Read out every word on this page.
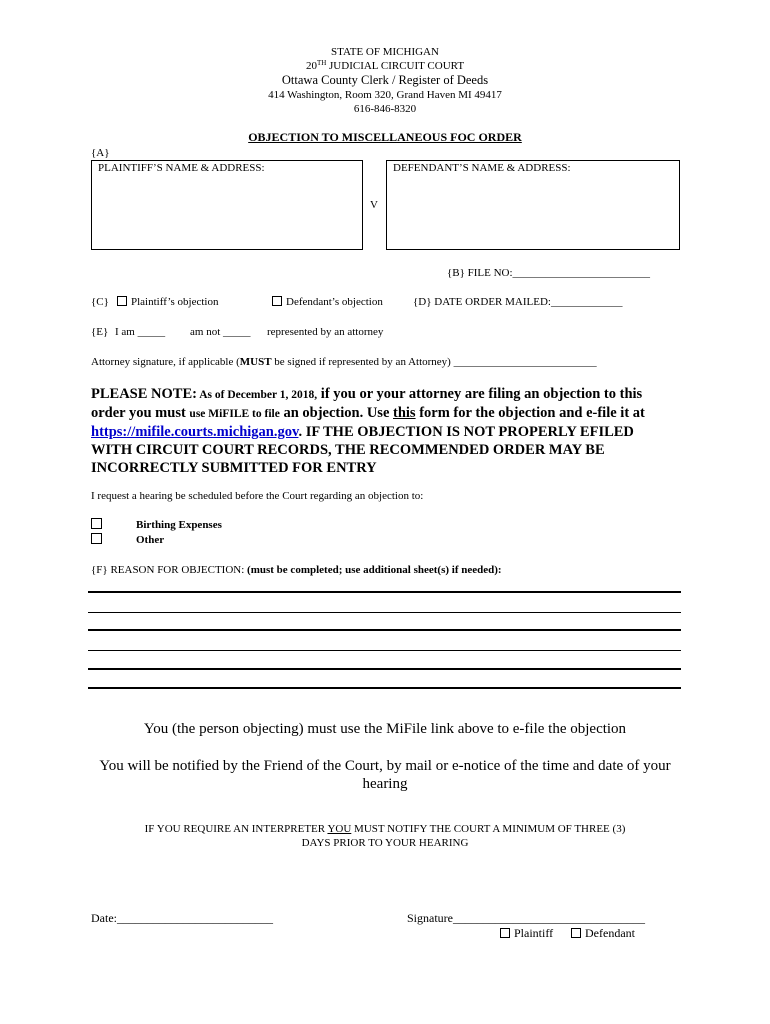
STATE OF MICHIGAN
20TH JUDICIAL CIRCUIT COURT
Ottawa County Clerk / Register of Deeds
414 Washington, Room 320, Grand Haven MI 49417
616-846-8320
OBJECTION TO MISCELLANEOUS FOC ORDER
{A}
PLAINTIFF’S NAME & ADDRESS:
V
DEFENDANT’S NAME & ADDRESS:
{B} FILE NO:_________________________
{C}	Plaintiff’s objection	Defendant’s objection	{D} DATE ORDER MAILED:_____________
{E} I am _____ am not _____ represented by an attorney
Attorney signature, if applicable (MUST be signed if represented by an Attorney) __________________________
PLEASE NOTE: As of December 1, 2018, if you or your attorney are filing an objection to this
order you must use MiFILE to file an objection. Use this form for the objection and e-file it at
https://mifile.courts.michigan.gov. IF THE OBJECTION IS NOT PROPERLY EFILED
WITH CIRCUIT COURT RECORDS, THE RECOMMENDED ORDER MAY BE
INCORRECTLY SUBMITTED FOR ENTRY
I request a hearing be scheduled before the Court regarding an objection to:
Birthing Expenses
Other
{F} REASON FOR OBJECTION: (must be completed; use additional sheet(s) if needed):
You (the person objecting) must use the MiFile link above to e-file the objection
You will be notified by the Friend of the Court, by mail or e-notice of the time and date of your
hearing
IF YOU REQUIRE AN INTERPRETER YOU MUST NOTIFY THE COURT A MINIMUM OF THREE (3)
DAYS PRIOR TO YOUR HEARING
Date:__________________________	Signature________________________________
Plaintiff	Defendant
